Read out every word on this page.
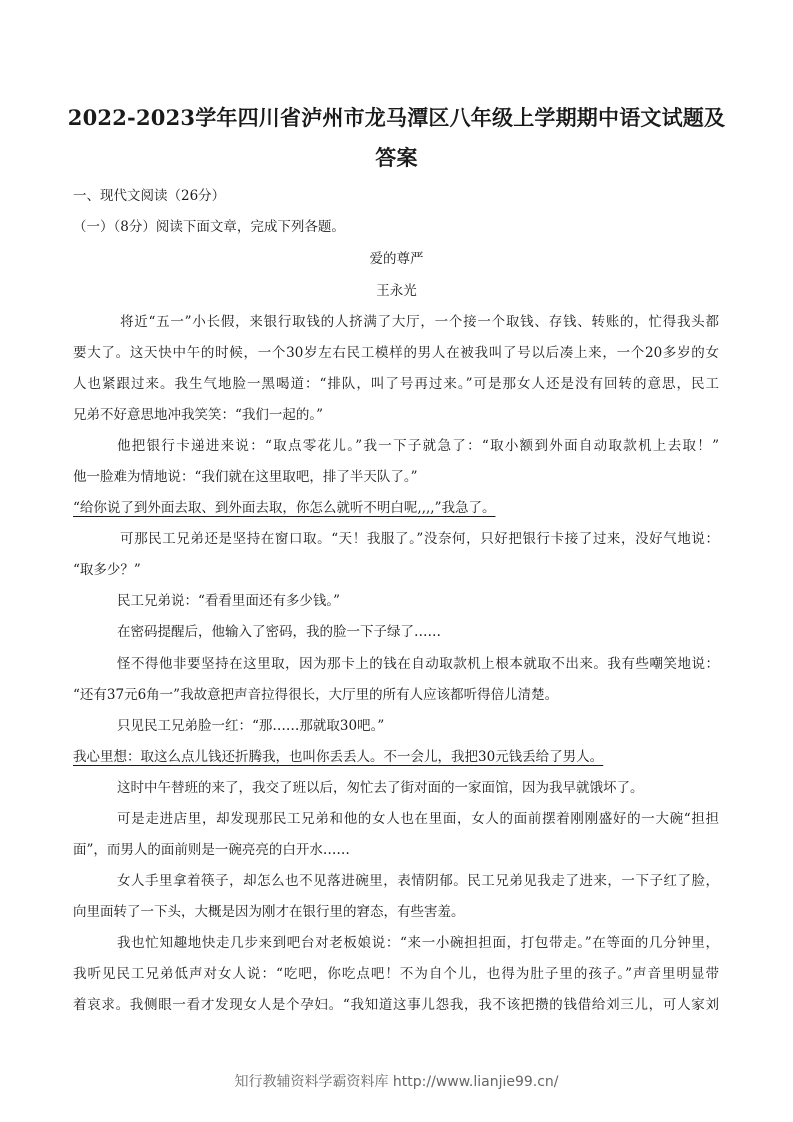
2022-2023学年四川省泸州市龙马潭区八年级上学期期中语文试题及
答案
一、现代文阅读（26分）
（一）（8分）阅读下面文章，完成下列各题。
爱的尊严
王永光
将近“五一”小长假，来银行取钱的人挤满了大厅，一个接一个取钱、存钱、转账的，忙得我头都
要大了。这天快中午的时候，一个30岁左右民工模样的男人在被我叫了号以后凑上来，一个20多岁的女
人也紧跟过来。我生气地脸一黑喝道：“排队，叫了号再过来。”可是那女人还是没有回转的意思，民工
兄弟不好意思地冲我笑笑：“我们一起的。”
他把银行卡递进来说：“取点零花儿。”我一下子就急了：“取小额到外面自动取款机上去取！”
他一脸难为情地说：“我们就在这里取吧，排了半天队了。”
“给你说了到外面去取、到外面去取，你怎么就听不明白呢,,,,”我急了。
可那民工兄弟还是坚持在窗口取。“天！我服了。”没奈何，只好把银行卡接了过来，没好气地说：
“取多少？”
民工兄弟说：“看看里面还有多少钱。”
在密码提醒后，他输入了密码，我的脸一下子绿了……
怪不得他非要坚持在这里取，因为那卡上的钱在自动取款机上根本就取不出来。我有些嘲笑地说：
“还有37元6角一”我故意把声音拉得很长，大厅里的所有人应该都听得倍儿清楚。
只见民工兄弟脸一红：“那……那就取30吧。”
我心里想：取这么点儿钱还折腾我，也叫你丢丢人。不一会儿，我把30元钱丢给了男人。
这时中午替班的来了，我交了班以后，匆忙去了街对面的一家面馆，因为我早就饿坏了。
可是走进店里，却发现那民工兄弟和他的女人也在里面，女人的面前摆着刚刚盛好的一大碗“担担
面”，而男人的面前则是一碗亮亮的白开水……
女人手里拿着筷子，却怎么也不见落进碗里，表情阴郁。民工兄弟见我走了进来，一下子红了脸，
向里面转了一下头，大概是因为刚才在银行里的窘态，有些害羞。
我也忙知趣地快走几步来到吧台对老板娘说：“来一小碗担担面，打包带走。”在等面的几分钟里，
我听见民工兄弟低声对女人说：“吃吧，你吃点吧！不为自个儿，也得为肚子里的孩子。”声音里明显带
着哀求。我侧眼一看才发现女人是个孕妇。“我知道这事儿怨我，我不该把攒的钱借给刘三儿，可人家刘
知行教辅资料学霸资料库 http://www.lianjie99.cn/
